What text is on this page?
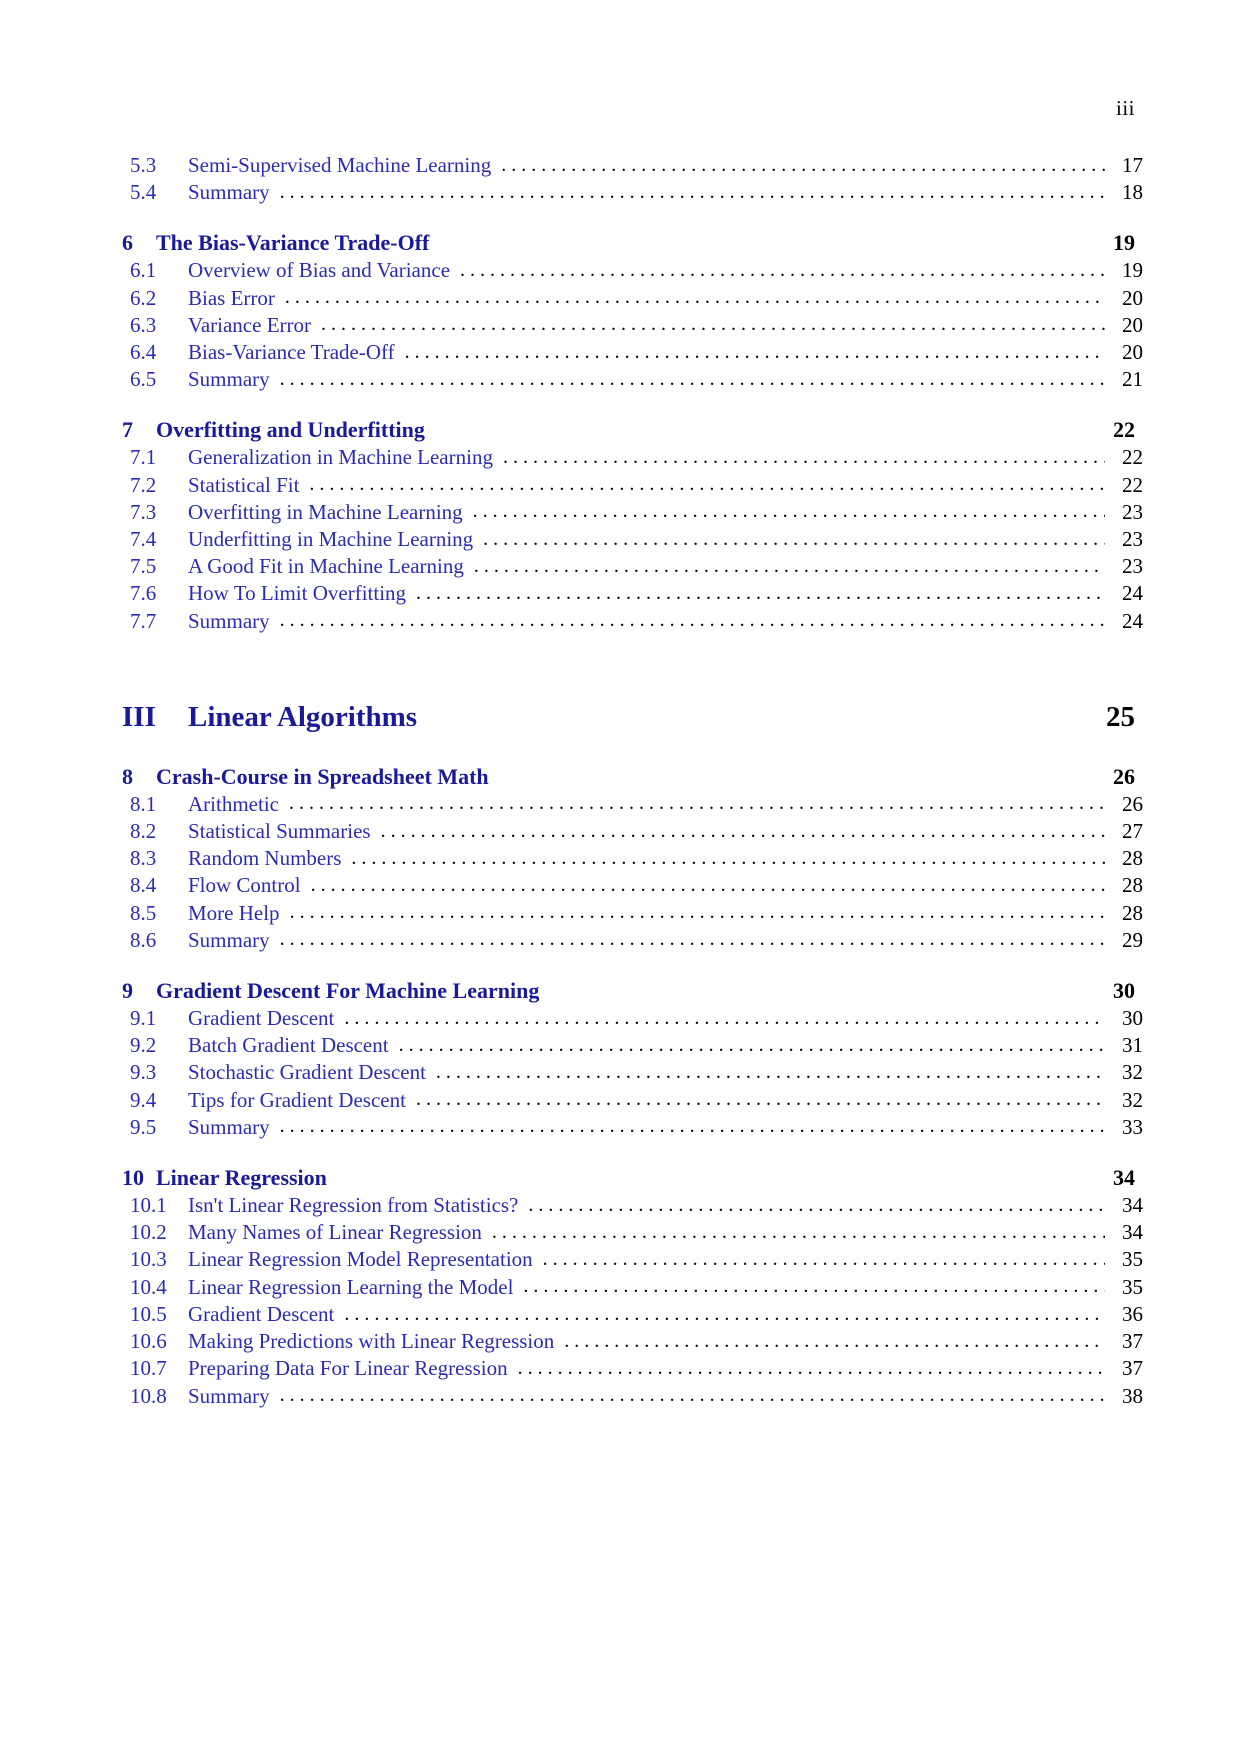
iii
5.3	Semi-Supervised Machine Learning . . .	17
5.4	Summary . . .	18
6	The Bias-Variance Trade-Off	19
6.1	Overview of Bias and Variance . . .	19
6.2	Bias Error . . .	20
6.3	Variance Error . . .	20
6.4	Bias-Variance Trade-Off . . .	20
6.5	Summary . . .	21
7	Overfitting and Underfitting	22
7.1	Generalization in Machine Learning . . .	22
7.2	Statistical Fit . . .	22
7.3	Overfitting in Machine Learning . . .	23
7.4	Underfitting in Machine Learning . . .	23
7.5	A Good Fit in Machine Learning . . .	23
7.6	How To Limit Overfitting . . .	24
7.7	Summary . . .	24
III	Linear Algorithms	25
8	Crash-Course in Spreadsheet Math	26
8.1	Arithmetic . . .	26
8.2	Statistical Summaries . . .	27
8.3	Random Numbers . . .	28
8.4	Flow Control . . .	28
8.5	More Help . . .	28
8.6	Summary . . .	29
9	Gradient Descent For Machine Learning	30
9.1	Gradient Descent . . .	30
9.2	Batch Gradient Descent . . .	31
9.3	Stochastic Gradient Descent . . .	32
9.4	Tips for Gradient Descent . . .	32
9.5	Summary . . .	33
10 Linear Regression	34
10.1	Isn't Linear Regression from Statistics? . . .	34
10.2	Many Names of Linear Regression . . .	34
10.3	Linear Regression Model Representation . . .	35
10.4	Linear Regression Learning the Model . . .	35
10.5	Gradient Descent . . .	36
10.6	Making Predictions with Linear Regression . . .	37
10.7	Preparing Data For Linear Regression . . .	37
10.8	Summary . . .	38
